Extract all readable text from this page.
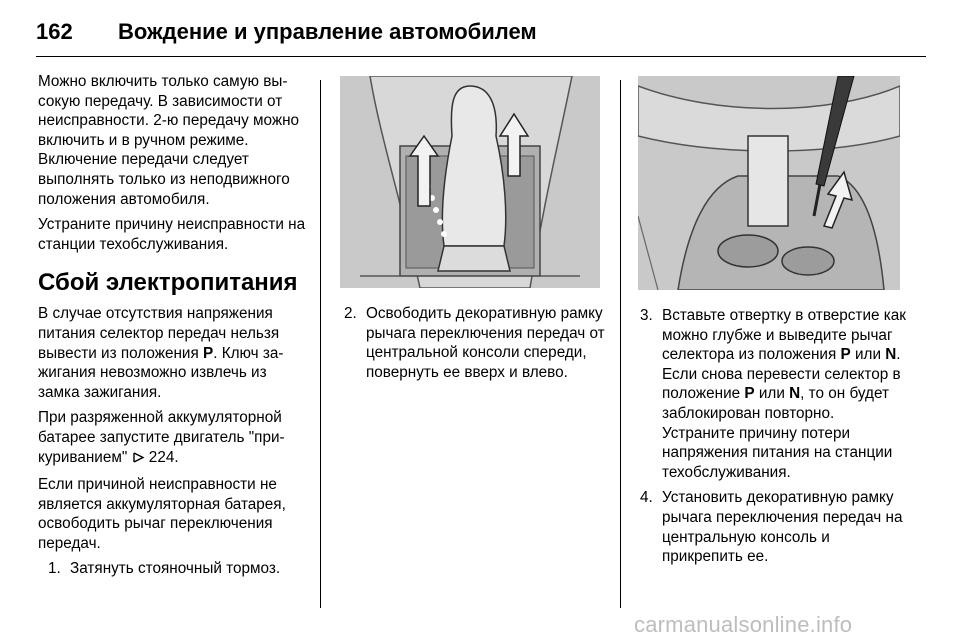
162 Вождение и управление автомобилем

Можно включить только самую высокую передачу. В зависимости от неисправности. 2-ю передачу можно включить и в ручном режиме. Включение передачи следует выполнять только из неподвижного положения автомобиля.

Устраните причину неисправности на станции техобслуживания.

Сбой электропитания

В случае отсутствия напряжения питания селектор передач нельзя вывести из положения P. Ключ зажигания невозможно извлечь из замка зажигания.

При разряженной аккумуляторной батарее запустите двигатель "прикуриванием"  224.

Если причиной неисправности не является аккумуляторная батарея, освободить рычаг переключения передач.

1. Затянуть стояночный тормоз.
2. Освободить декоративную рамку рычага переключения передач от центральной консоли спереди, повернуть ее вверх и влево.
3. Вставьте отвертку в отверстие как можно глубже и выведите рычаг селектора из положения P или N. Если снова перевести селектор в положение P или N, то он будет заблокирован повторно. Устраните причину потери напряжения питания на станции техобслуживания.
4. Установить декоративную рамку рычага переключения передач на центральную консоль и прикрепить ее.
carmanualsonline.info
